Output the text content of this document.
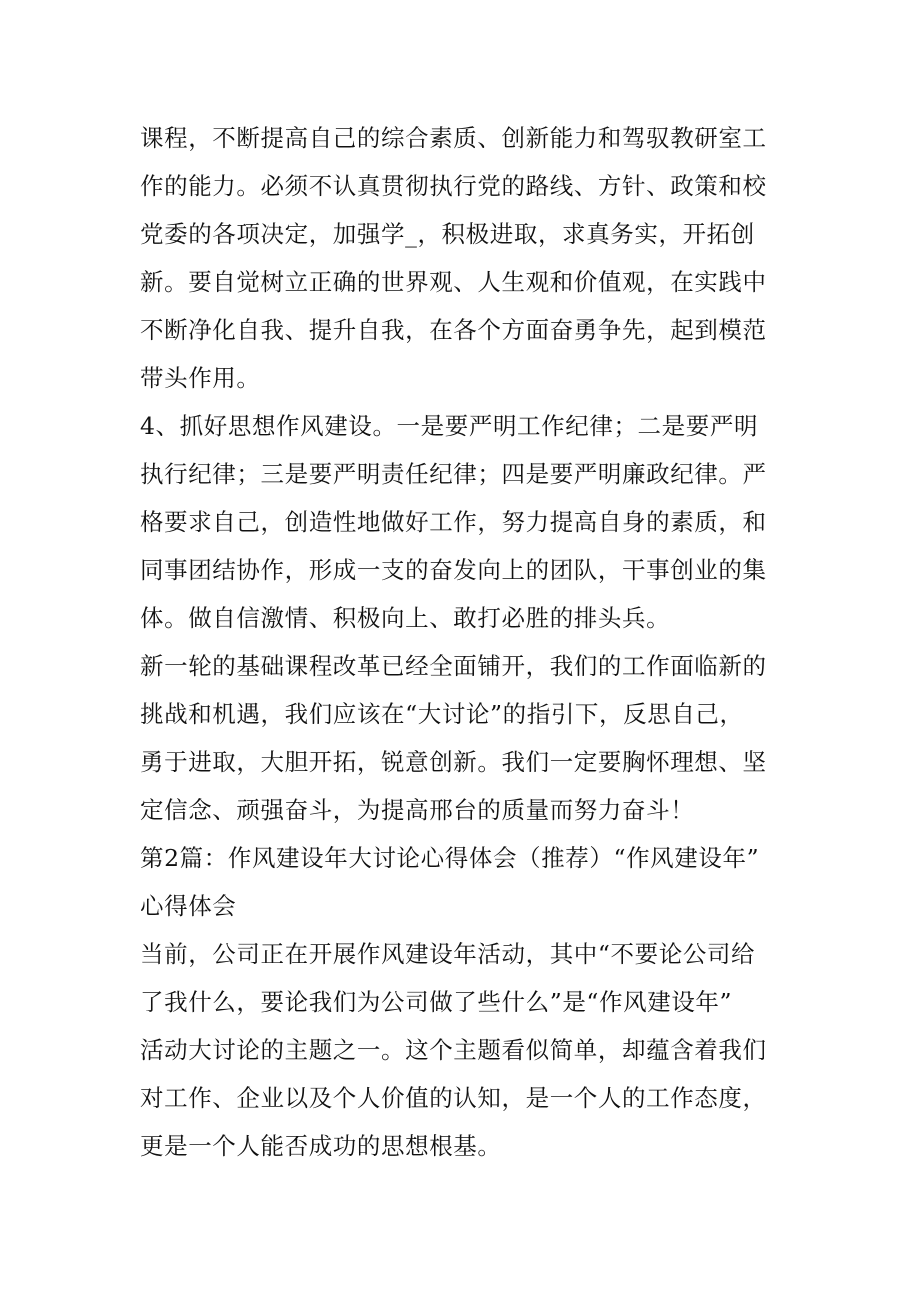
课程，不断提高自己的综合素质、创新能力和驾驭教研室工
作的能力。必须不认真贯彻执行党的路线、方针、政策和校
党委的各项决定，加强学_，积极进取，求真务实，开拓创
新。要自觉树立正确的世界观、人生观和价值观，在实践中
不断净化自我、提升自我，在各个方面奋勇争先，起到模范
带头作用。
4、抓好思想作风建设。一是要严明工作纪律；二是要严明
执行纪律；三是要严明责任纪律；四是要严明廉政纪律。严
格要求自己，创造性地做好工作，努力提高自身的素质，和
同事团结协作，形成一支的奋发向上的团队，干事创业的集
体。做自信激情、积极向上、敢打必胜的排头兵。
新一轮的基础课程改革已经全面铺开，我们的工作面临新的
挑战和机遇，我们应该在“大讨论”的指引下，反思自己，
勇于进取，大胆开拓，锐意创新。我们一定要胸怀理想、坚
定信念、顽强奋斗，为提高邢台的质量而努力奋斗！
第2篇：作风建设年大讨论心得体会（推荐）“作风建设年”
心得体会
当前，公司正在开展作风建设年活动，其中“不要论公司给
了我什么，要论我们为公司做了些什么”是“作风建设年”
活动大讨论的主题之一。这个主题看似简单，却蕴含着我们
对工作、企业以及个人价值的认知，是一个人的工作态度，
更是一个人能否成功的思想根基。
